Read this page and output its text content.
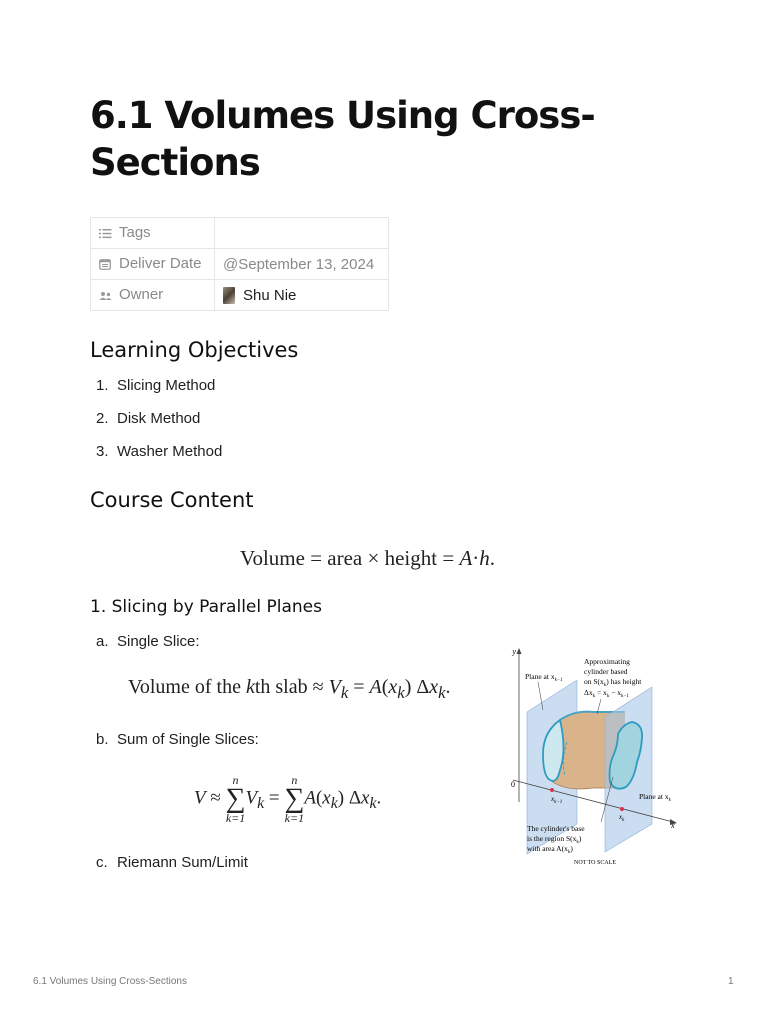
6.1 Volumes Using Cross-Sections
Tags	
Deliver Date	@September 13, 2024
Owner	Shu Nie
Learning Objectives
1. Slicing Method
2. Disk Method
3. Washer Method
Course Content
Volume = area × height = A·h.
1. Slicing by Parallel Planes
a. Single Slice:
Volume of the kth slab ≈ $V_k = A(x_k)$ $\Delta x_k$.
b. Sum of Single Slices:
V ≈
n
∑
k=1
$V_k$ =
n
∑
k=1
$A(x_k)$ $\Delta x_k$.
c. Riemann Sum/Limit
y
x
0
$x_{k-1}$
$x_k$
Plane at $x_{k-1}$
Plane at $x_k$
Approximating
cylinder based
on $S(x_k)$ has height
$\Delta x_k = x_k - x_{k-1}$
The cylinder's base
is the region $S(x_k)$
with area $A(x_k)$
NOT TO SCALE
6.1 Volumes Using Cross-Sections	1
